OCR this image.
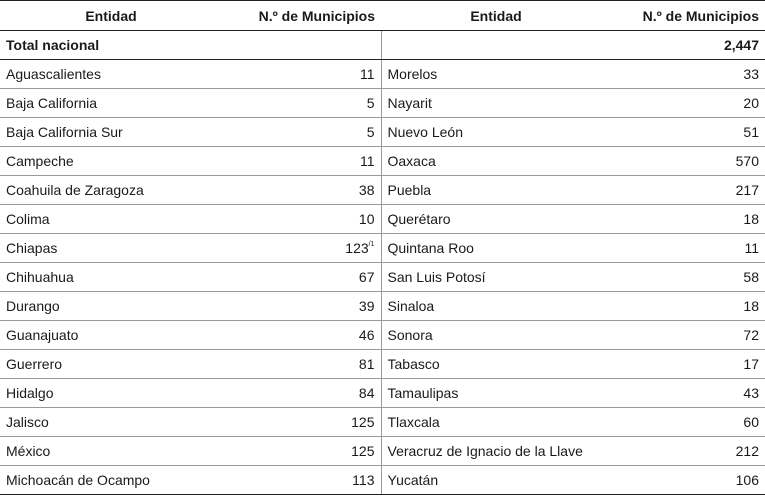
Entidad	N.º de Municipios	Entidad	N.º de Municipios
Total nacional			2,447
Aguascalientes	11	Morelos	33
Baja California	5	Nayarit	20
Baja California Sur	5	Nuevo León	51
Campeche	11	Oaxaca	570
Coahuila de Zaragoza	38	Puebla	217
Colima	10	Querétaro	18
Chiapas	$123^{/1}$	Quintana Roo	11
Chihuahua	67	San Luis Potosí	58
Durango	39	Sinaloa	18
Guanajuato	46	Sonora	72
Guerrero	81	Tabasco	17
Hidalgo	84	Tamaulipas	43
Jalisco	125	Tlaxcala	60
México	125	Veracruz de Ignacio de la Llave	212
Michoacán de Ocampo	113	Yucatán	106
